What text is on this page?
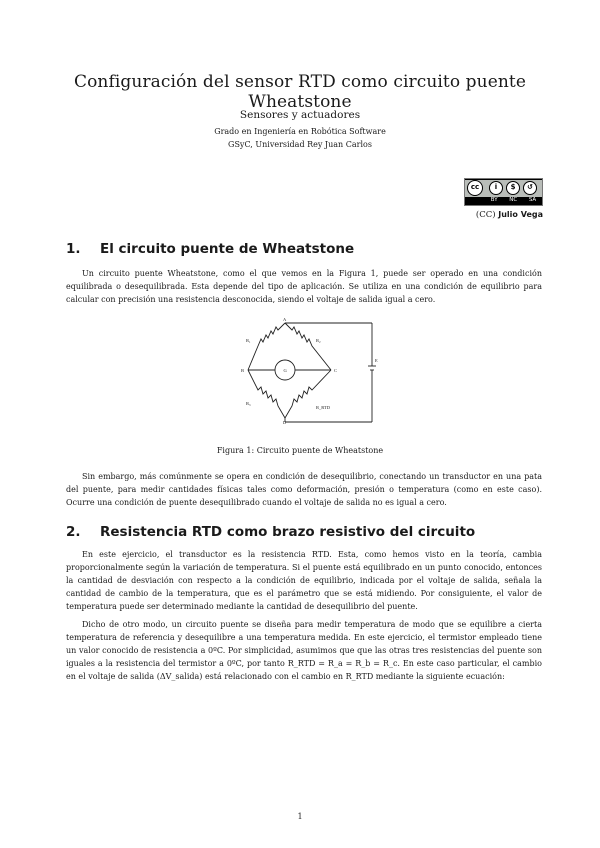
Configuración del sensor RTD como circuito puente Wheatstone
Sensores y actuadores
Grado en Ingeniería en Robótica Software
GSyC, Universidad Rey Juan Carlos
cc	i	$	↺
BY NC SA
(CC) Julio Vega
1. El circuito puente de Wheatstone

Un circuito puente Wheatstone, como el que vemos en la Figura 1, puede ser operado en una condición equilibrada o desequilibrada. Esta depende del tipo de aplicación. Se utiliza en una condición de equilibrio para calcular con precisión una resistencia desconocida, siendo el voltaje de salida igual a cero.

A
B	C
D
E
R₁	R₂
R₃
R_RTD
G
Figura 1: Circuito puente de Wheatstone

Sin embargo, más comúnmente se opera en condición de desequilibrio, conectando un transductor en una pata del puente, para medir cantidades físicas tales como deformación, presión o temperatura (como en este caso). Ocurre una condición de puente desequilibrado cuando el voltaje de salida no es igual a cero.

2. Resistencia RTD como brazo resistivo del circuito

En este ejercicio, el transductor es la resistencia RTD. Esta, como hemos visto en la teoría, cambia proporcionalmente según la variación de temperatura. Si el puente está equilibrado en un punto conocido, entonces la cantidad de desviación con respecto a la condición de equilibrio, indicada por el voltaje de salida, señala la cantidad de cambio de la temperatura, que es el parámetro que se está midiendo. Por consiguiente, el valor de temperatura puede ser determinado mediante la cantidad de desequilibrio del puente.

Dicho de otro modo, un circuito puente se diseña para medir temperatura de modo que se equilibre a cierta temperatura de referencia y desequilibre a una temperatura medida. En este ejercicio, el termistor empleado tiene un valor conocido de resistencia a 0ºC. Por simplicidad, asumimos que que las otras tres resistencias del puente son iguales a la resistencia del termistor a 0ºC, por tanto R_RTD = R_a = R_b = R_c. En este caso particular, el cambio en el voltaje de salida (ΔV_salida) está relacionado con el cambio en R_RTD mediante la siguiente ecuación:

1
